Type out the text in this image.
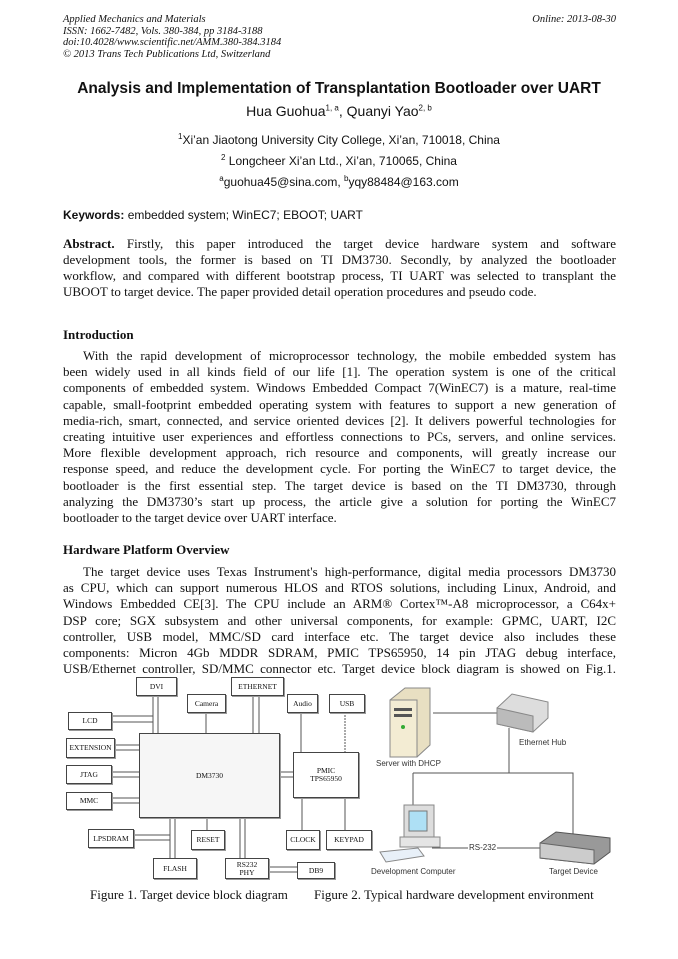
Applied Mechanics and Materials
ISSN: 1662-7482, Vols. 380-384, pp 3184-3188
doi:10.4028/www.scientific.net/AMM.380-384.3184
© 2013 Trans Tech Publications Ltd, Switzerland
Online: 2013-08-30
Analysis and Implementation of Transplantation Bootloader over UART
Hua Guohua$^{1, a}$, Quanyi Yao$^{2, b}$
$^1$Xi’an Jiaotong University City College, Xi’an, 710018, China
$^2$ Longcheer Xi’an Ltd., Xi’an, 710065, China
$^a$guohua45@sina.com, $^b$yqy88484@163.com
Keywords: embedded system; WinEC7; EBOOT; UART
Abstract. Firstly, this paper introduced the target device hardware system and software
development tools, the former is based on TI DM3730. Secondly, by analyzed the bootloader
workflow, and compared with different bootstrap process, TI UART was selected to transplant the
UBOOT to target device. The paper provided detail operation procedures and pseudo code.
Introduction
With the rapid development of microprocessor technology, the mobile embedded system has
been widely used in all kinds field of our life [1]. The operation system is one of the critical
components of embedded system. Windows Embedded Compact 7(WinEC7) is a mature, real-time
capable, small-footprint embedded operating system with features to support a new generation of
media-rich, smart, connected, and service oriented devices [2]. It delivers powerful technologies for
creating intuitive user experiences and effortless connections to PCs, servers, and online services.
More flexible development approach, rich resource and components, will greatly increase our
response speed, and reduce the development cycle. For porting the WinEC7 to target device, the
bootloader is the first essential step. The target device is based on the TI DM3730, through
analyzing the DM3730’s start up process, the article give a solution for porting the WinEC7
bootloader to the target device over UART interface.
Hardware Platform Overview
The target device uses Texas Instrument's high-performance, digital media processors DM3730
as CPU, which can support numerous HLOS and RTOS solutions, including Linux, Android, and
Windows Embedded CE[3]. The CPU include an ARM® Cortex™-A8 microprocessor, a C64x+
DSP core; SGX subsystem and other universal components, for example: GPMC, UART, I2C
controller, USB model, MMC/SD card interface etc. The target device also includes these
components: Micron 4Gb MDDR SDRAM, PMIC TPS65950, 14 pin JTAG debug interface,
USB/Ethernet controller, SD/MMC connector etc. Target device block diagram is showed on Fig.1.
DVI	ETHERNET
Camera	Audio	USB
LCD
EXTENSION
JTAG
MMC
DM3730	PMIC
TPS65950
LPSDRAM	RESET	CLOCK	KEYPAD
FLASH	RS232
PHY	DB9
Server with DHCP
Ethernet Hub
Development Computer	Target Device
RS-232
Figure 1. Target device block diagram Figure 2. Typical hardware development environment
